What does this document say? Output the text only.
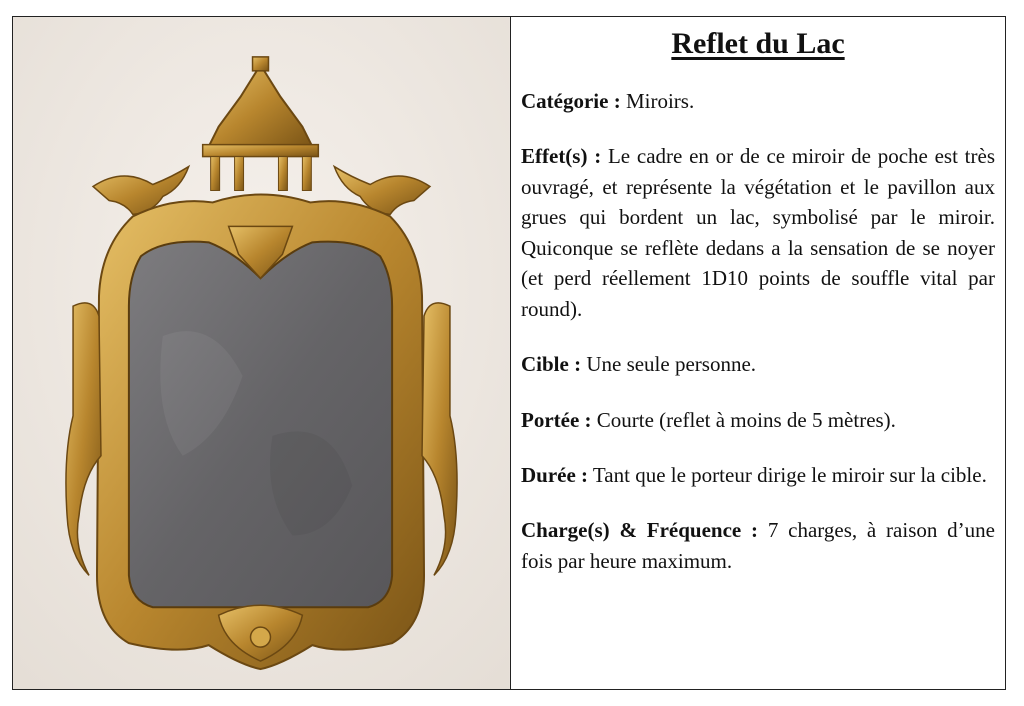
Reflet du Lac

Catégorie : Miroirs.

Effet(s) : Le cadre en or de ce miroir de poche est très ouvragé, et représente la végétation et le pavillon aux grues qui bordent un lac, symbolisé par le miroir. Quiconque se reflète dedans a la sensation de se noyer (et perd réellement 1D10 points de souffle vital par round).

Cible : Une seule personne.

Portée : Courte (reflet à moins de 5 mètres).

Durée : Tant que le porteur dirige le miroir sur la cible.

Charge(s) & Fréquence : 7 charges, à raison d’une fois par heure maximum.
